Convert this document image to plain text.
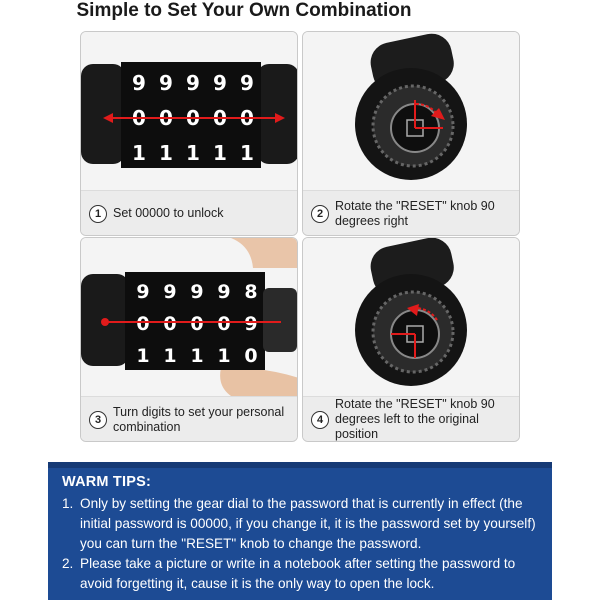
Simple to Set Your Own Combination
9 9 9 9 9
0 0 0 0 0
1 1 1 1 1
1 Set 00000 to unlock	2
Rotate the "RESET" knob 90 degrees right
9 9 9 9 8
0 0 0 0 9
1 1 1 1 0
3
Turn digits to set your personal combination	4
Rotate the "RESET" knob 90 degrees left to the original position
WARM TIPS:
1. Only by setting the gear dial to the password that is currently in effect (the initial password is 00000, if you change it, it is the password set by yourself) you can turn the "RESET" knob to change the password.
2. Please take a picture or write in a notebook after setting the password to avoid forgetting it, cause it is the only way to open the lock.
